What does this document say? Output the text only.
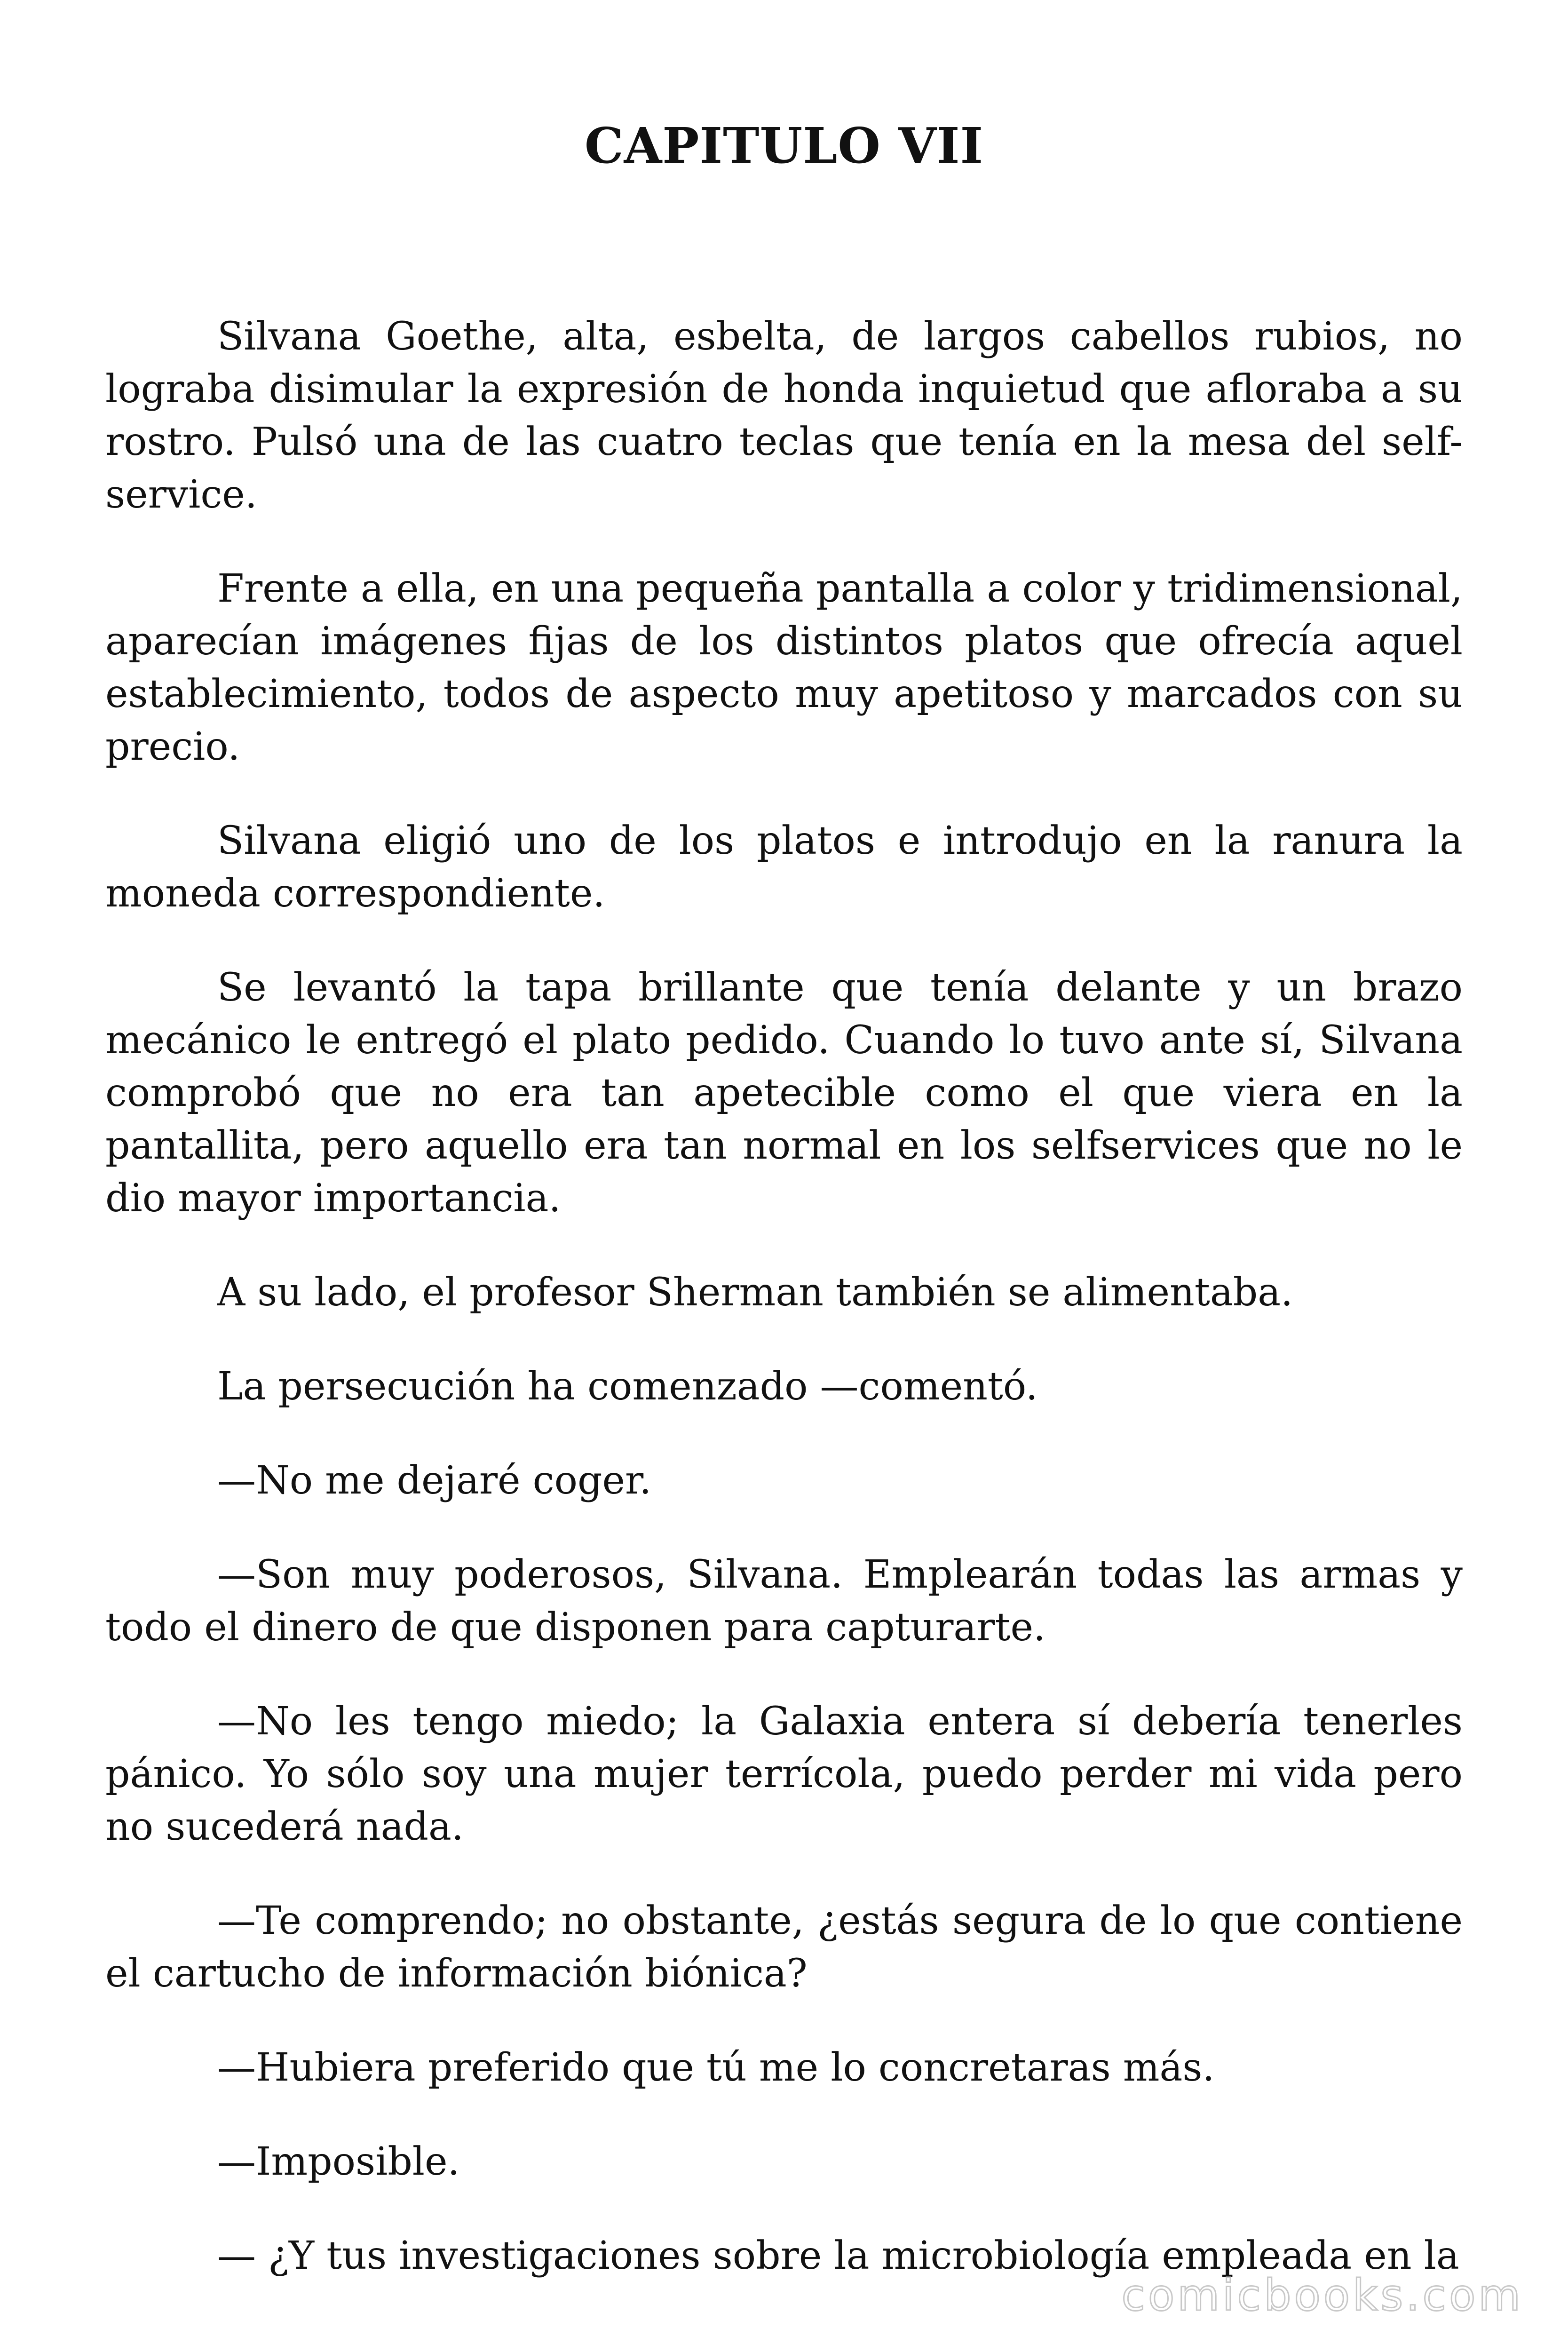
CAPITULO VII

Silvana Goethe, alta, esbelta, de largos cabellos rubios, no lograba disimular la expresión de honda inquietud que afloraba a su rostro. Pulsó una de las cuatro teclas que tenía en la mesa del self-service.

Frente a ella, en una pequeña pantalla a color y tridimensional, aparecían imágenes fijas de los distintos platos que ofrecía aquel establecimiento, todos de aspecto muy apetitoso y marcados con su precio.

Silvana eligió uno de los platos e introdujo en la ranura la moneda correspondiente.

Se levantó la tapa brillante que tenía delante y un brazo mecánico le entregó el plato pedido. Cuando lo tuvo ante sí, Silvana comprobó que no era tan apetecible como el que viera en la pantallita, pero aquello era tan normal en los selfservices que no le dio mayor importancia.

A su lado, el profesor Sherman también se alimentaba.

La persecución ha comenzado —comentó.

—No me dejaré coger.

—Son muy poderosos, Silvana. Emplearán todas las armas y todo el dinero de que disponen para capturarte.

—No les tengo miedo; la Galaxia entera sí debería tenerles pánico. Yo sólo soy una mujer terrícola, puedo perder mi vida pero no sucederá nada.

—Te comprendo; no obstante, ¿estás segura de lo que contiene el cartucho de información biónica?

—Hubiera preferido que tú me lo concretaras más.

—Imposible.

— ¿Y tus investigaciones sobre la microbiología empleada en la

comicbooks.com
